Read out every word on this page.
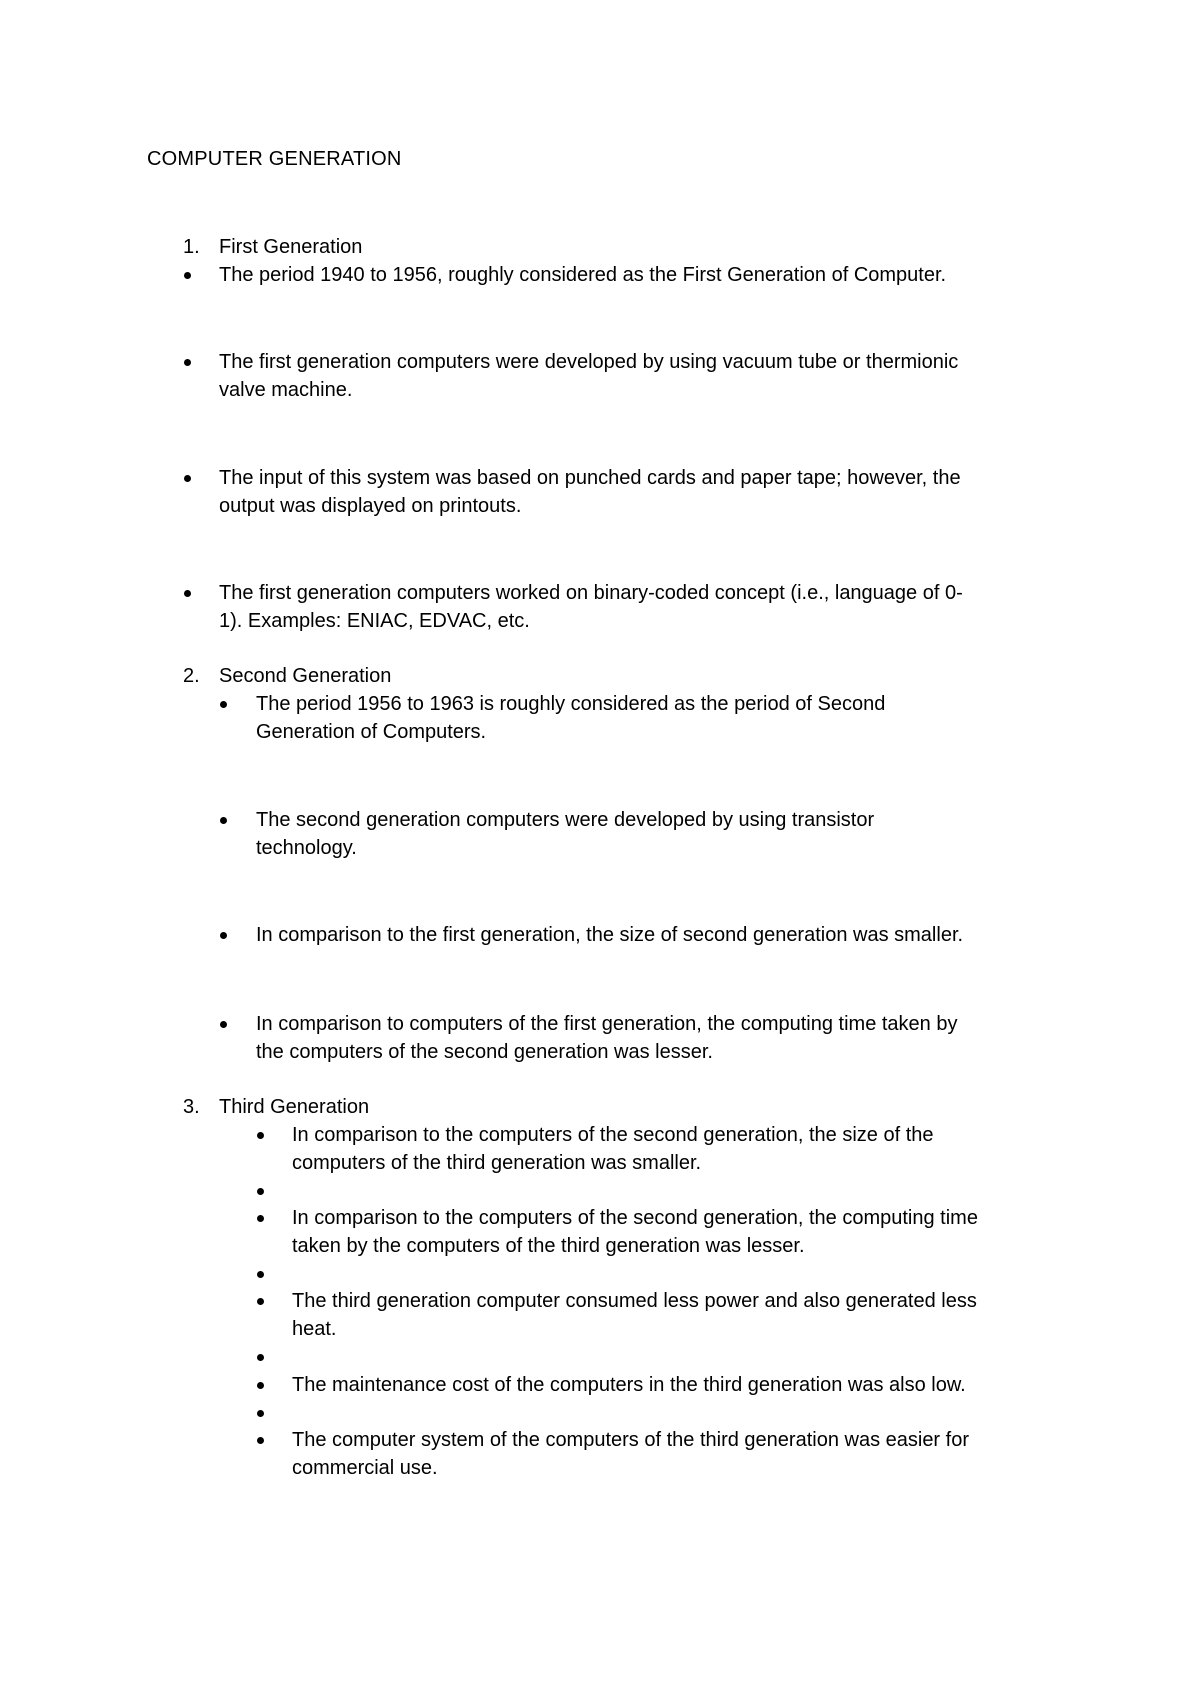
COMPUTER GENERATION
1. First Generation
The period 1940 to 1956, roughly considered as the First Generation of Computer.
The first generation computers were developed by using vacuum tube or thermionic
valve machine.
The input of this system was based on punched cards and paper tape; however, the
output was displayed on printouts.
The first generation computers worked on binary-coded concept (i.e., language of 0-
1). Examples: ENIAC, EDVAC, etc.
2. Second Generation
The period 1956 to 1963 is roughly considered as the period of Second
Generation of Computers.
The second generation computers were developed by using transistor
technology.
In comparison to the first generation, the size of second generation was smaller.
In comparison to computers of the first generation, the computing time taken by
the computers of the second generation was lesser.
3. Third Generation
In comparison to the computers of the second generation, the size of the
computers of the third generation was smaller.
In comparison to the computers of the second generation, the computing time
taken by the computers of the third generation was lesser.
The third generation computer consumed less power and also generated less
heat.
The maintenance cost of the computers in the third generation was also low.
The computer system of the computers of the third generation was easier for
commercial use.
